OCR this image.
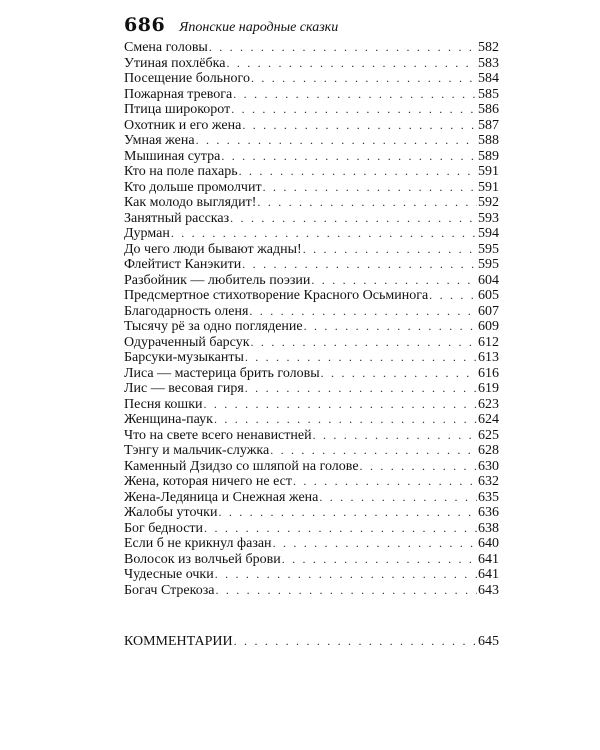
686 Японские народные сказки
Смена головы . . .	582
Утиная похлёбка . . .	583
Посещение больного . . .	584
Пожарная тревога . . .	585
Птица широкорот . . .	586
Охотник и его жена . . .	587
Умная жена . . .	588
Мышиная сутра . . .	589
Кто на поле пахарь . . .	591
Кто дольше промолчит . . .	591
Как молодо выглядит! . . .	592
Занятный рассказ . . .	593
Дурман . . .	594
До чего люди бывают жадны! . . .	595
Флейтист Канэкити . . .	595
Разбойник — любитель поэзии . . .	604
Предсмертное стихотворение Красного Осьминога . . .	605
Благодарность оленя . . .	607
Тысячу рё за одно поглядение . . .	609
Одураченный барсук . . .	612
Барсуки-музыканты . . .	613
Лиса — мастерица брить головы . . .	616
Лис — весовая гиря . . .	619
Песня кошки . . .	623
Женщина-паук . . .	624
Что на свете всего ненавистней . . .	625
Тэнгу и мальчик-служка . . .	628
Каменный Дзидзо со шляпой на голове . . .	630
Жена, которая ничего не ест . . .	632
Жена-Ледяница и Снежная жена . . .	635
Жалобы уточки . . .	636
Бог бедности . . .	638
Если б не крикнул фазан . . .	640
Волосок из волчьей брови . . .	641
Чудесные очки . . .	641
Богач Стрекоза . . .	643
КОММЕНТАРИИ . . .	645
